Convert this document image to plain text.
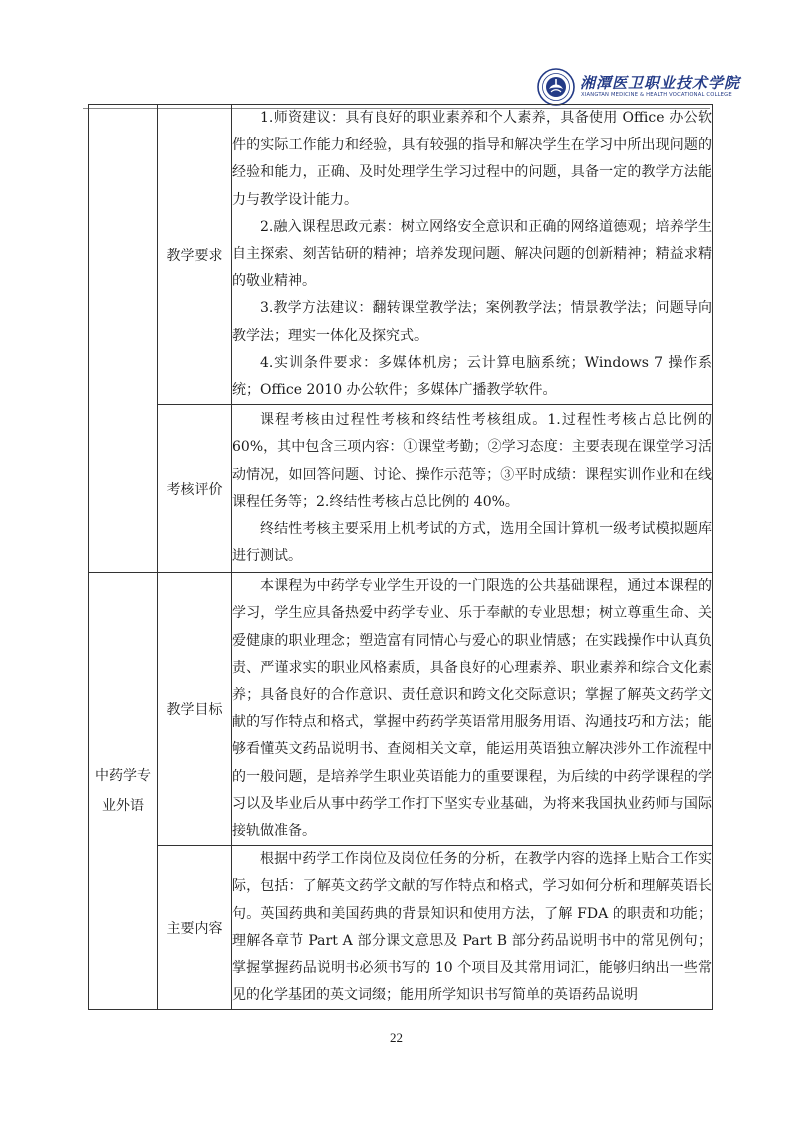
湘潭医卫职业技术学院
XIANGTAN MEDICINE & HEALTH VOCATIONAL COLLEGE
	教学要求	1.师资建议：具有良好的职业素养和个人素养，具备使用 Office 办公软件的实际工作能力和经验，具有较强的指导和解决学生在学习中所出现问题的经验和能力，正确、及时处理学生学习过程中的问题，具备一定的教学方法能力与教学设计能力。

2.融入课程思政元素：树立网络安全意识和正确的网络道德观；培养学生自主探索、刻苦钻研的精神；培养发现问题、解决问题的创新精神；精益求精的敬业精神。

3.教学方法建议：翻转课堂教学法；案例教学法；情景教学法；问题导向教学法；理实一体化及探究式。

4.实训条件要求：多媒体机房；云计算电脑系统；Windows 7 操作系统；Office 2010 办公软件；多媒体广播教学软件。

	考核评价	课程考核由过程性考核和终结性考核组成。1.过程性考核占总比例的 60%，其中包含三项内容：①课堂考勤；②学习态度：主要表现在课堂学习活动情况，如回答问题、讨论、操作示范等；③平时成绩：课程实训作业和在线课程任务等；2.终结性考核占总比例的 40%。

终结性考核主要采用上机考试的方式，选用全国计算机一级考试模拟题库进行测试。

中药学专业外语	教学目标	本课程为中药学专业学生开设的一门限选的公共基础课程，通过本课程的学习，学生应具备热爱中药学专业、乐于奉献的专业思想；树立尊重生命、关爱健康的职业理念；塑造富有同情心与爱心的职业情感；在实践操作中认真负责、严谨求实的职业风格素质，具备良好的心理素养、职业素养和综合文化素养；具备良好的合作意识、责任意识和跨文化交际意识；掌握了解英文药学文献的写作特点和格式，掌握中药药学英语常用服务用语、沟通技巧和方法；能够看懂英文药品说明书、查阅相关文章，能运用英语独立解决涉外工作流程中的一般问题，是培养学生职业英语能力的重要课程，为后续的中药学课程的学习以及毕业后从事中药学工作打下坚实专业基础，为将来我国执业药师与国际接轨做准备。

	主要内容	根据中药学工作岗位及岗位任务的分析，在教学内容的选择上贴合工作实际，包括：了解英文药学文献的写作特点和格式，学习如何分析和理解英语长句。英国药典和美国药典的背景知识和使用方法，了解 FDA 的职责和功能；理解各章节 Part A 部分课文意思及 Part B 部分药品说明书中的常见例句；掌握掌握药品说明书必须书写的 10 个项目及其常用词汇，能够归纳出一些常见的化学基团的英文词缀；能用所学知识书写简单的英语药品说明

22
